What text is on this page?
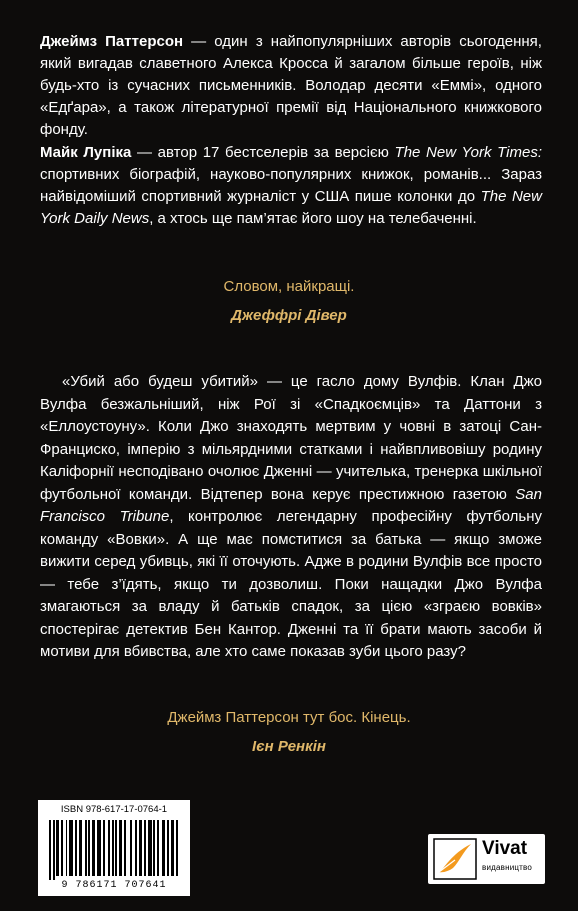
Джеймз Паттерсон — один з найпопулярніших авторів сьогодення, який вигадав славетного Алекса Кросса й загалом більше героїв, ніж будь-хто із сучасних письменників. Володар десяти «Еммі», одного «Едґара», а також літературної премії від Національного книжкового фонду.
Майк Лупіка — автор 17 бестселерів за версією The New York Times: спортивних біографій, науково-популярних книжок, романів... Зараз найвідоміший спортивний журналіст у США пише колонки до The New York Daily News, а хтось ще пам’ятає його шоу на телебаченні.
Словом, найкращі.
Джеффрі Дівер

«Убий або будеш убитий» — це гасло дому Вулфів. Клан Джо Вулфа безжальніший, ніж Рої зі «Спадкоємців» та Даттони з «Еллоустоуну». Коли Джо знаходять мертвим у човні в затоці Сан-Франциско, імперію з мільярдними статками і найвпливовішу родину Каліфорнії несподівано очолює Дженні — учителька, тренерка шкільної футбольної команди. Відтепер вона керує престижною газетою San Francisco Tribune, контролює легендарну професійну футбольну команду «Вовки». А ще має помститися за батька — якщо зможе вижити серед убивць, які її оточують. Адже в родини Вулфів все просто — тебе з’їдять, якщо ти дозволиш. Поки нащадки Джо Вулфа змагаються за владу й батьків спадок, за цією «зграєю вовків» спостерігає детектив Бен Кантор. Дженні та її брати мають засоби й мотиви для вбивства, але хто саме показав зуби цього разу?

Джеймз Паттерсон тут бос. Кінець.
Ієн Ренкін
ISBN 978-617-17-0764-1
9 786171 707641
Vivat
видавництво
